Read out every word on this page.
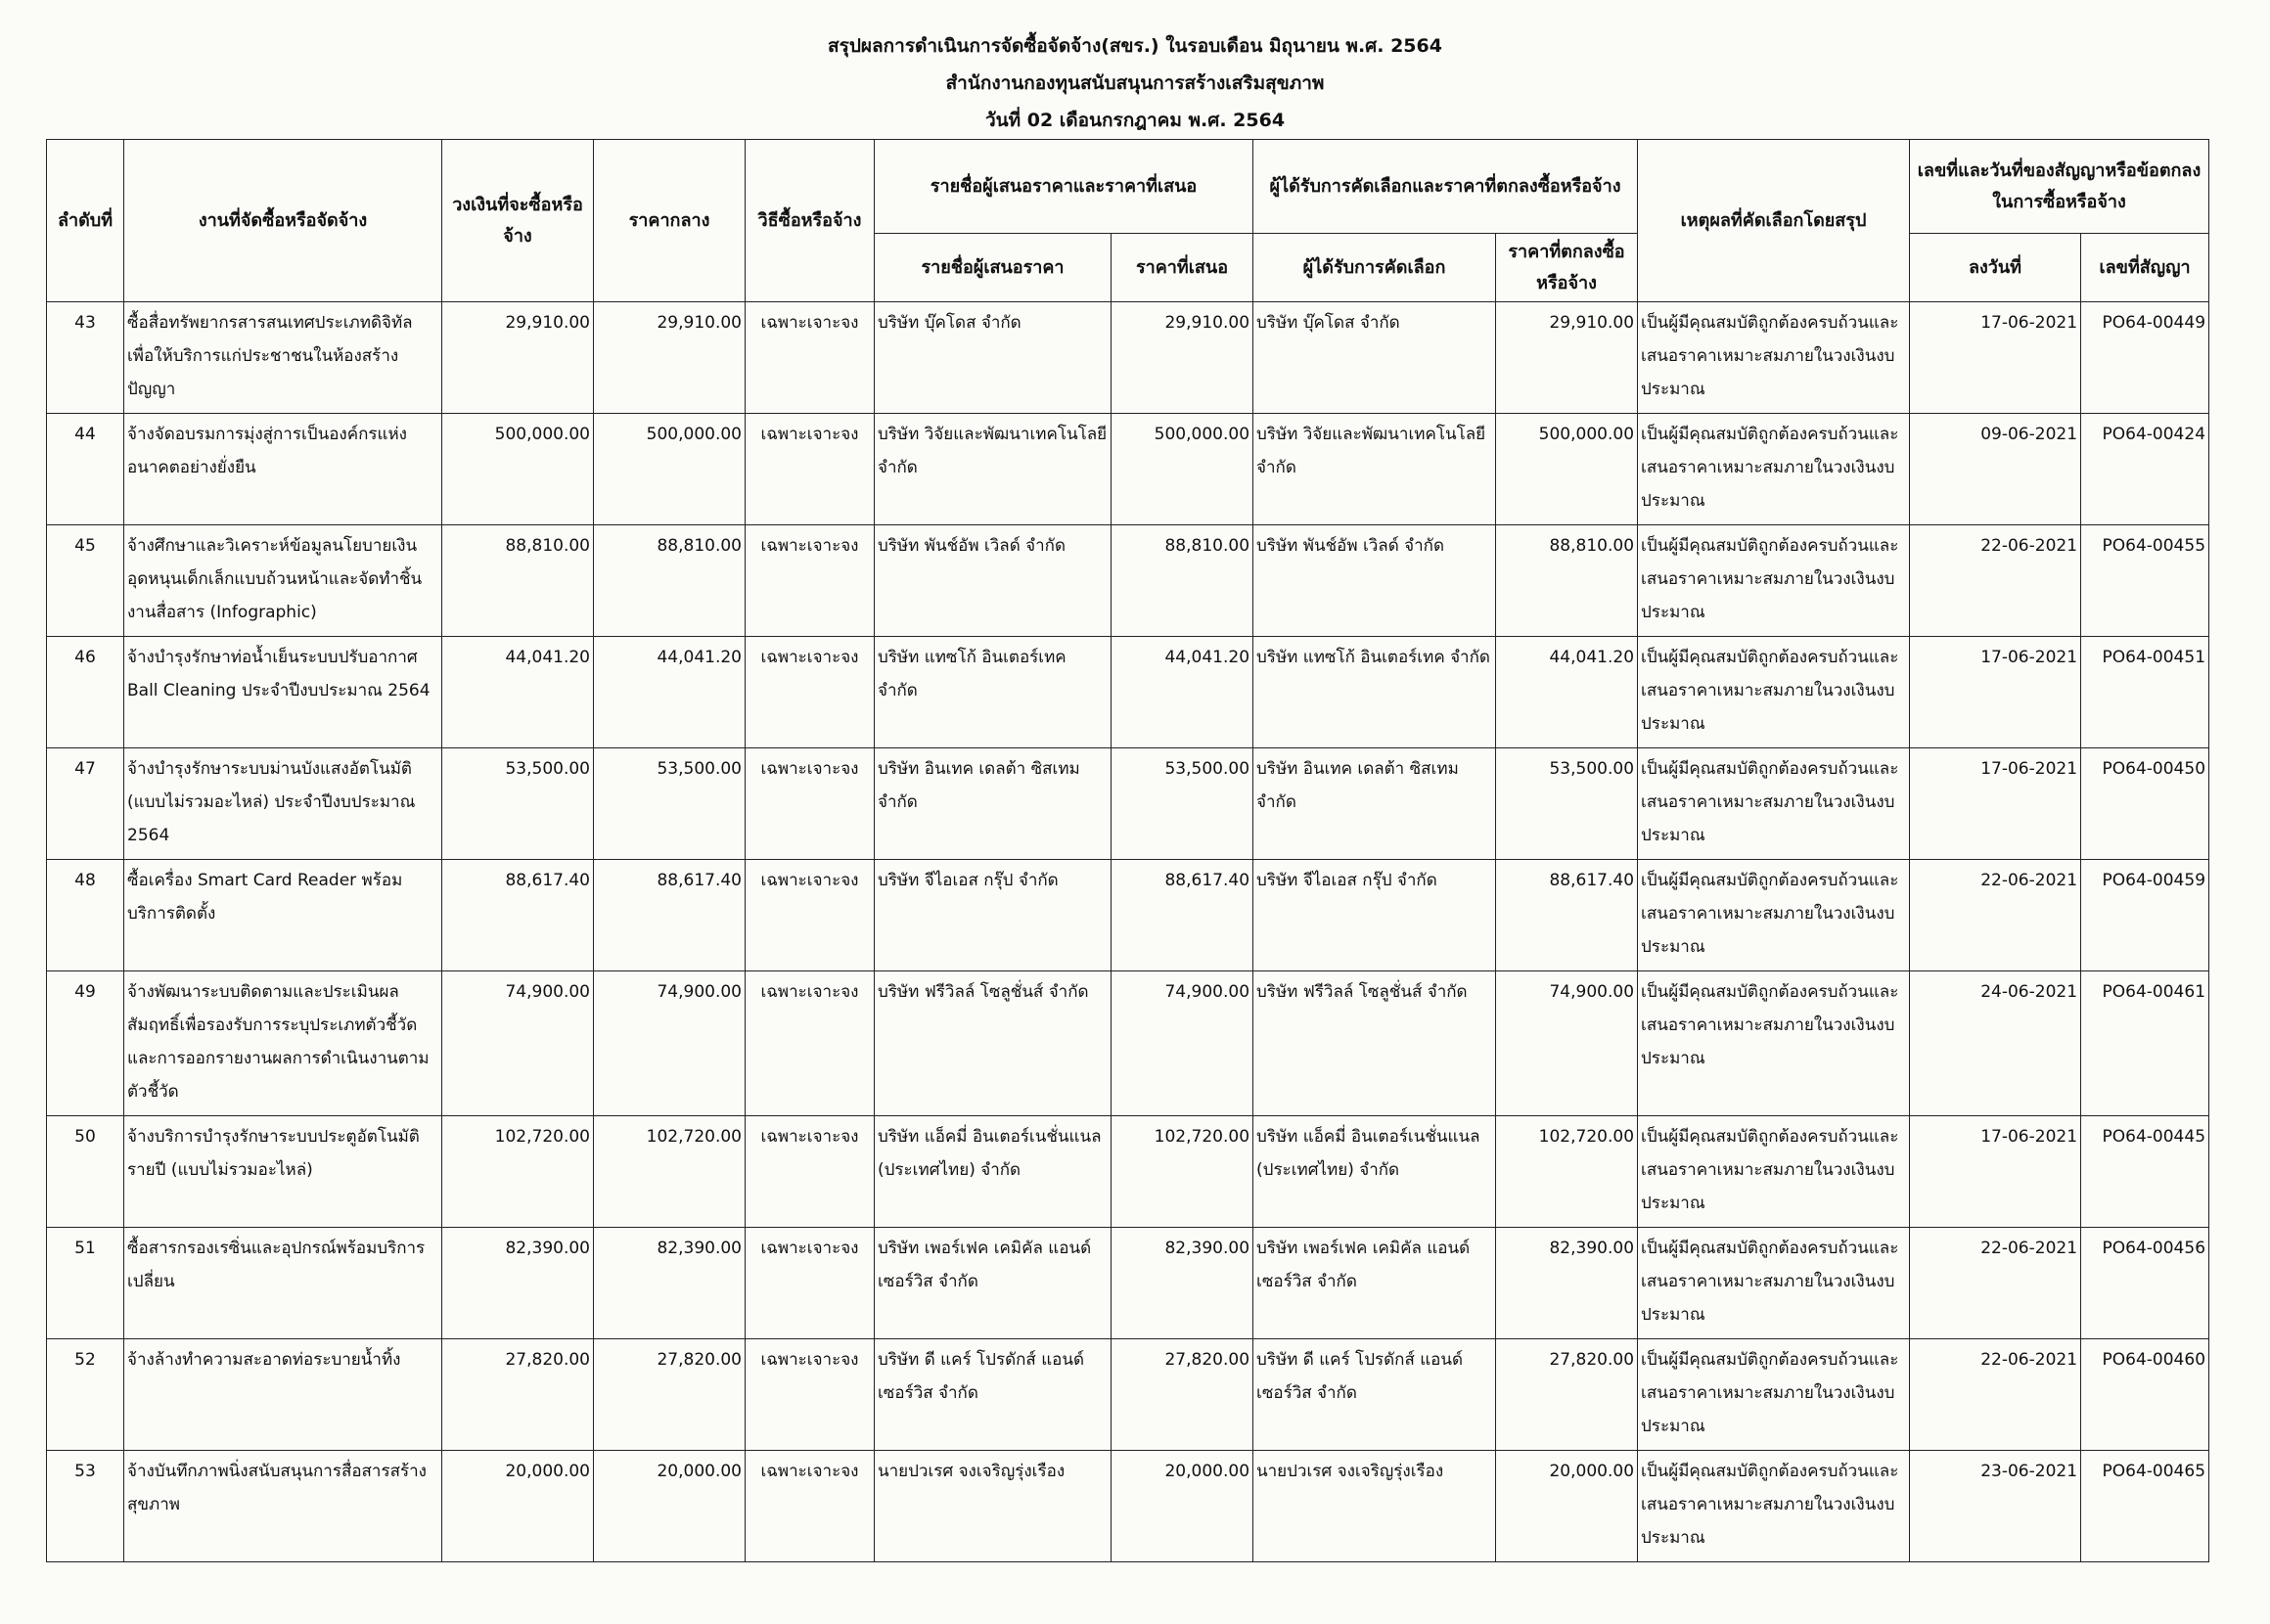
สรุปผลการดำเนินการจัดซื้อจัดจ้าง(สขร.) ในรอบเดือน มิถุนายน พ.ศ. 2564
สำนักงานกองทุนสนับสนุนการสร้างเสริมสุขภาพ
วันที่ 02 เดือนกรกฎาคม พ.ศ. 2564
ลำดับที่	งานที่จัดซื้อหรือจัดจ้าง	วงเงินที่จะซื้อหรือจ้าง	ราคากลาง	วิธีซื้อหรือจ้าง	รายชื่อผู้เสนอราคาและราคาที่เสนอ		ผู้ได้รับการคัดเลือกและราคาที่ตกลงซื้อหรือจ้าง		เหตุผลที่คัดเลือกโดยสรุป	เลขที่และวันที่ของสัญญาหรือข้อตกลงในการซื้อหรือจ้าง	
					รายชื่อผู้เสนอราคา	ราคาที่เสนอ	ผู้ได้รับการคัดเลือก	ราคาที่ตกลงซื้อหรือจ้าง		ลงวันที่	เลขที่สัญญา
43	ซื้อสื่อทรัพยากรสารสนเทศประเภทดิจิทัล เพื่อให้บริการแก่ประชาชนในห้องสร้างปัญญา	29,910.00	29,910.00	เฉพาะเจาะจง	บริษัท บุ๊คโดส จำกัด	29,910.00	บริษัท บุ๊คโดส จำกัด	29,910.00	เป็นผู้มีคุณสมบัติถูกต้องครบถ้วนและเสนอราคาเหมาะสมภายในวงเงินงบประมาณ	17-06-2021	PO64-00449
44	จ้างจัดอบรมการมุ่งสู่การเป็นองค์กรแห่งอนาคตอย่างยั่งยืน	500,000.00	500,000.00	เฉพาะเจาะจง	บริษัท วิจัยและพัฒนาเทคโนโลยี จำกัด	500,000.00	บริษัท วิจัยและพัฒนาเทคโนโลยี จำกัด	500,000.00	เป็นผู้มีคุณสมบัติถูกต้องครบถ้วนและเสนอราคาเหมาะสมภายในวงเงินงบประมาณ	09-06-2021	PO64-00424
45	จ้างศึกษาและวิเคราะห์ข้อมูลนโยบายเงินอุดหนุนเด็กเล็กแบบถ้วนหน้าและจัดทำชิ้นงานสื่อสาร (Infographic)	88,810.00	88,810.00	เฉพาะเจาะจง	บริษัท พันช์อัพ เวิลด์ จำกัด	88,810.00	บริษัท พันช์อัพ เวิลด์ จำกัด	88,810.00	เป็นผู้มีคุณสมบัติถูกต้องครบถ้วนและเสนอราคาเหมาะสมภายในวงเงินงบประมาณ	22-06-2021	PO64-00455
46	จ้างบำรุงรักษาท่อน้ำเย็นระบบปรับอากาศ Ball Cleaning ประจำปีงบประมาณ 2564	44,041.20	44,041.20	เฉพาะเจาะจง	บริษัท แทซโก้ อินเตอร์เทค จำกัด	44,041.20	บริษัท แทซโก้ อินเตอร์เทค จำกัด	44,041.20	เป็นผู้มีคุณสมบัติถูกต้องครบถ้วนและเสนอราคาเหมาะสมภายในวงเงินงบประมาณ	17-06-2021	PO64-00451
47	จ้างบำรุงรักษาระบบม่านบังแสงอัตโนมัติ (แบบไม่รวมอะไหล่) ประจำปีงบประมาณ 2564	53,500.00	53,500.00	เฉพาะเจาะจง	บริษัท อินเทค เดลต้า ซิสเทม จำกัด	53,500.00	บริษัท อินเทค เดลต้า ซิสเทม จำกัด	53,500.00	เป็นผู้มีคุณสมบัติถูกต้องครบถ้วนและเสนอราคาเหมาะสมภายในวงเงินงบประมาณ	17-06-2021	PO64-00450
48	ซื้อเครื่อง Smart Card Reader พร้อมบริการติดตั้ง	88,617.40	88,617.40	เฉพาะเจาะจง	บริษัท จีไอเอส กรุ๊ป จำกัด	88,617.40	บริษัท จีไอเอส กรุ๊ป จำกัด	88,617.40	เป็นผู้มีคุณสมบัติถูกต้องครบถ้วนและเสนอราคาเหมาะสมภายในวงเงินงบประมาณ	22-06-2021	PO64-00459
49	จ้างพัฒนาระบบติดตามและประเมินผลสัมฤทธิ์เพื่อรองรับการระบุประเภทตัวชี้วัดและการออกรายงานผลการดำเนินงานตามตัวชี้วัด	74,900.00	74,900.00	เฉพาะเจาะจง	บริษัท ฟรีวิลล์ โซลูชั่นส์ จำกัด	74,900.00	บริษัท ฟรีวิลล์ โซลูชั่นส์ จำกัด	74,900.00	เป็นผู้มีคุณสมบัติถูกต้องครบถ้วนและเสนอราคาเหมาะสมภายในวงเงินงบประมาณ	24-06-2021	PO64-00461
50	จ้างบริการบำรุงรักษาระบบประตูอัตโนมัติรายปี (แบบไม่รวมอะไหล่)	102,720.00	102,720.00	เฉพาะเจาะจง	บริษัท แอ็คมี่ อินเตอร์เนชั่นแนล (ประเทศไทย) จำกัด	102,720.00	บริษัท แอ็คมี่ อินเตอร์เนชั่นแนล (ประเทศไทย) จำกัด	102,720.00	เป็นผู้มีคุณสมบัติถูกต้องครบถ้วนและเสนอราคาเหมาะสมภายในวงเงินงบประมาณ	17-06-2021	PO64-00445
51	ซื้อสารกรองเรซิ่นและอุปกรณ์พร้อมบริการเปลี่ยน	82,390.00	82,390.00	เฉพาะเจาะจง	บริษัท เพอร์เฟค เคมิคัล แอนด์ เซอร์วิส จำกัด	82,390.00	บริษัท เพอร์เฟค เคมิคัล แอนด์ เซอร์วิส จำกัด	82,390.00	เป็นผู้มีคุณสมบัติถูกต้องครบถ้วนและเสนอราคาเหมาะสมภายในวงเงินงบประมาณ	22-06-2021	PO64-00456
52	จ้างล้างทำความสะอาดท่อระบายน้ำทิ้ง	27,820.00	27,820.00	เฉพาะเจาะจง	บริษัท ดี แคร์ โปรดักส์ แอนด์ เซอร์วิส จำกัด	27,820.00	บริษัท ดี แคร์ โปรดักส์ แอนด์ เซอร์วิส จำกัด	27,820.00	เป็นผู้มีคุณสมบัติถูกต้องครบถ้วนและเสนอราคาเหมาะสมภายในวงเงินงบประมาณ	22-06-2021	PO64-00460
53	จ้างบันทึกภาพนิ่งสนับสนุนการสื่อสารสร้างสุขภาพ	20,000.00	20,000.00	เฉพาะเจาะจง	นายปวเรศ จงเจริญรุ่งเรือง	20,000.00	นายปวเรศ จงเจริญรุ่งเรือง	20,000.00	เป็นผู้มีคุณสมบัติถูกต้องครบถ้วนและเสนอราคาเหมาะสมภายในวงเงินงบประมาณ	23-06-2021	PO64-00465
